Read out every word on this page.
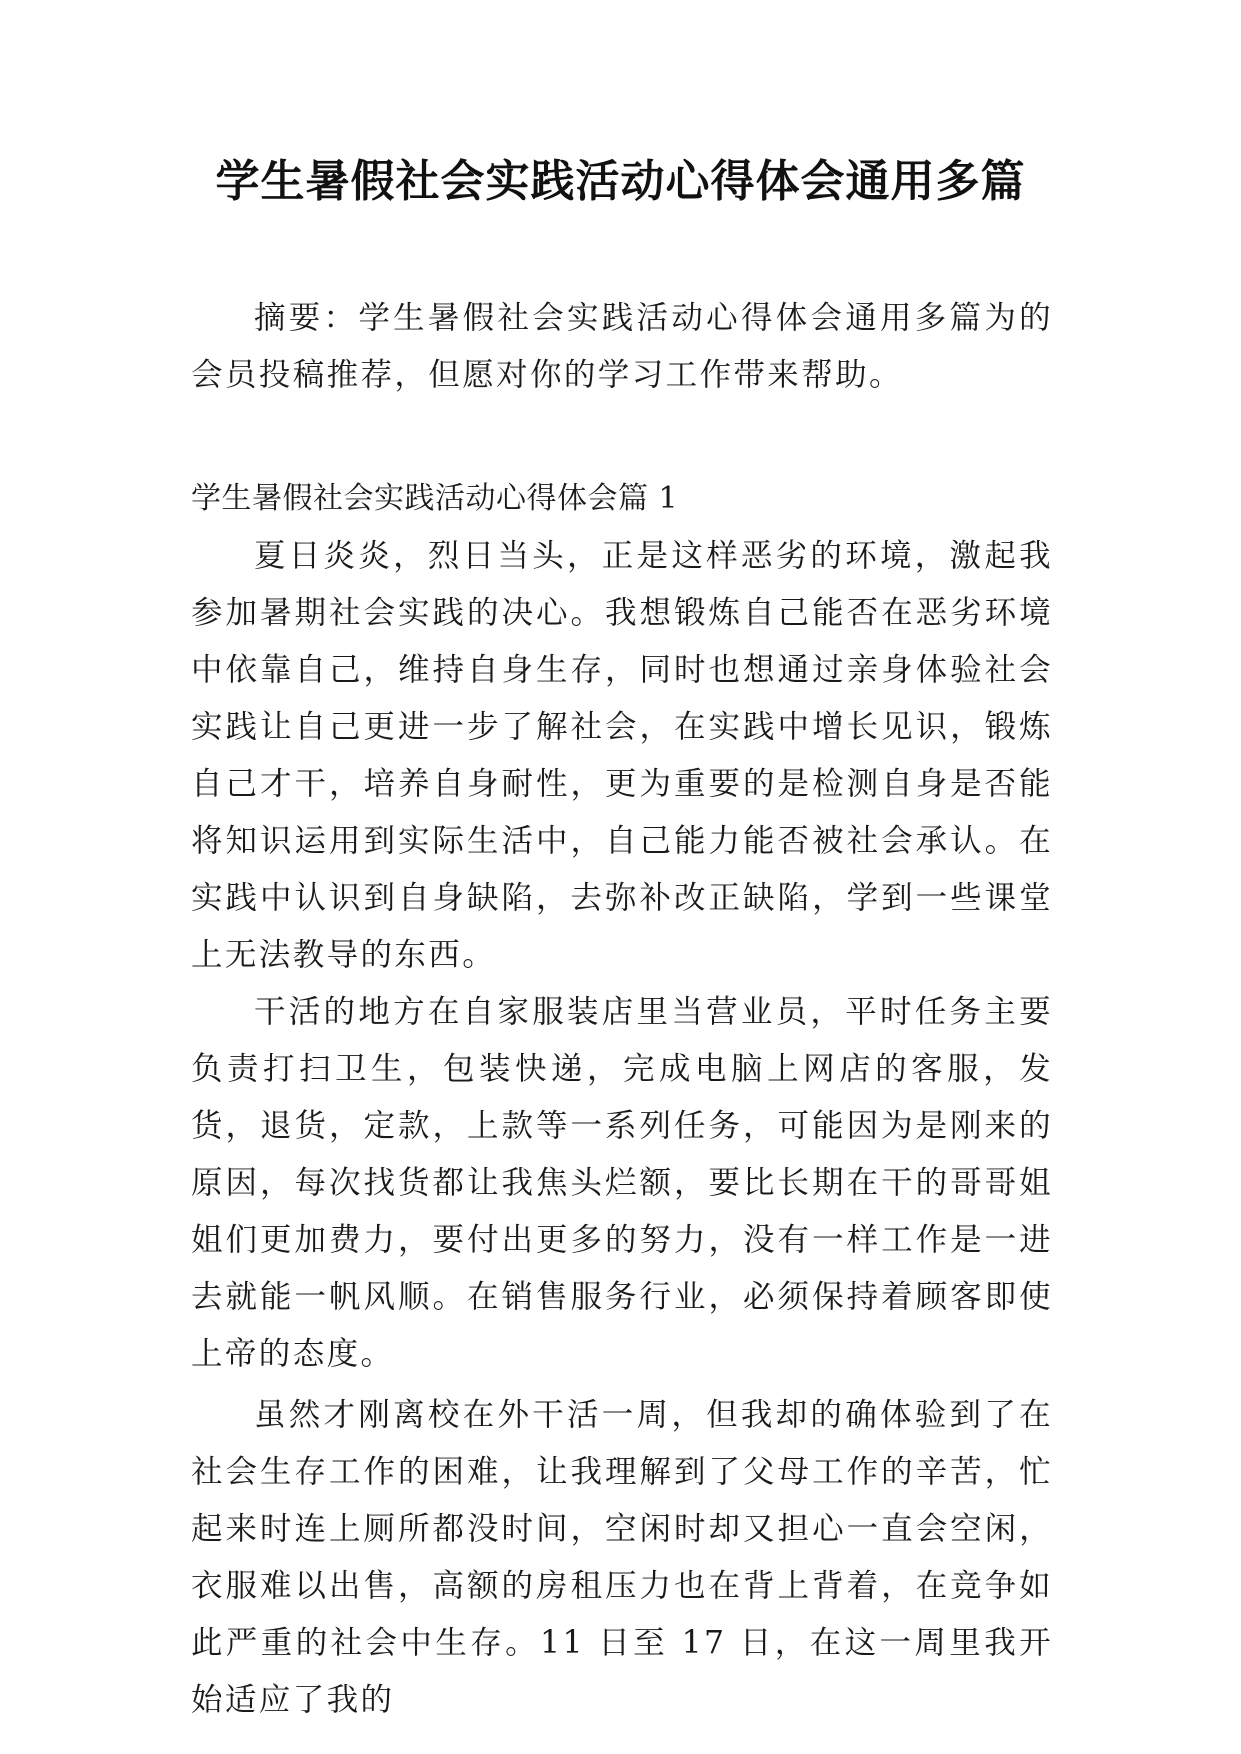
学生暑假社会实践活动心得体会通用多篇

摘要：学生暑假社会实践活动心得体会通用多篇为的会员投稿推荐，但愿对你的学习工作带来帮助。

学生暑假社会实践活动心得体会篇 1

夏日炎炎，烈日当头，正是这样恶劣的环境，激起我参加暑期社会实践的决心。我想锻炼自己能否在恶劣环境中依靠自己，维持自身生存，同时也想通过亲身体验社会实践让自己更进一步了解社会，在实践中增长见识，锻炼自己才干，培养自身耐性，更为重要的是检测自身是否能将知识运用到实际生活中，自己能力能否被社会承认。在实践中认识到自身缺陷，去弥补改正缺陷，学到一些课堂上无法教导的东西。

干活的地方在自家服装店里当营业员，平时任务主要负责打扫卫生，包装快递，完成电脑上网店的客服，发货，退货，定款，上款等一系列任务，可能因为是刚来的原因，每次找货都让我焦头烂额，要比长期在干的哥哥姐姐们更加费力，要付出更多的努力，没有一样工作是一进去就能一帆风顺。在销售服务行业，必须保持着顾客即使上帝的态度。

虽然才刚离校在外干活一周，但我却的确体验到了在社会生存工作的困难，让我理解到了父母工作的辛苦，忙起来时连上厕所都没时间，空闲时却又担心一直会空闲，衣服难以出售，高额的房租压力也在背上背着，在竞争如此严重的社会中生存。11 日至 17 日，在这一周里我开始适应了我的
